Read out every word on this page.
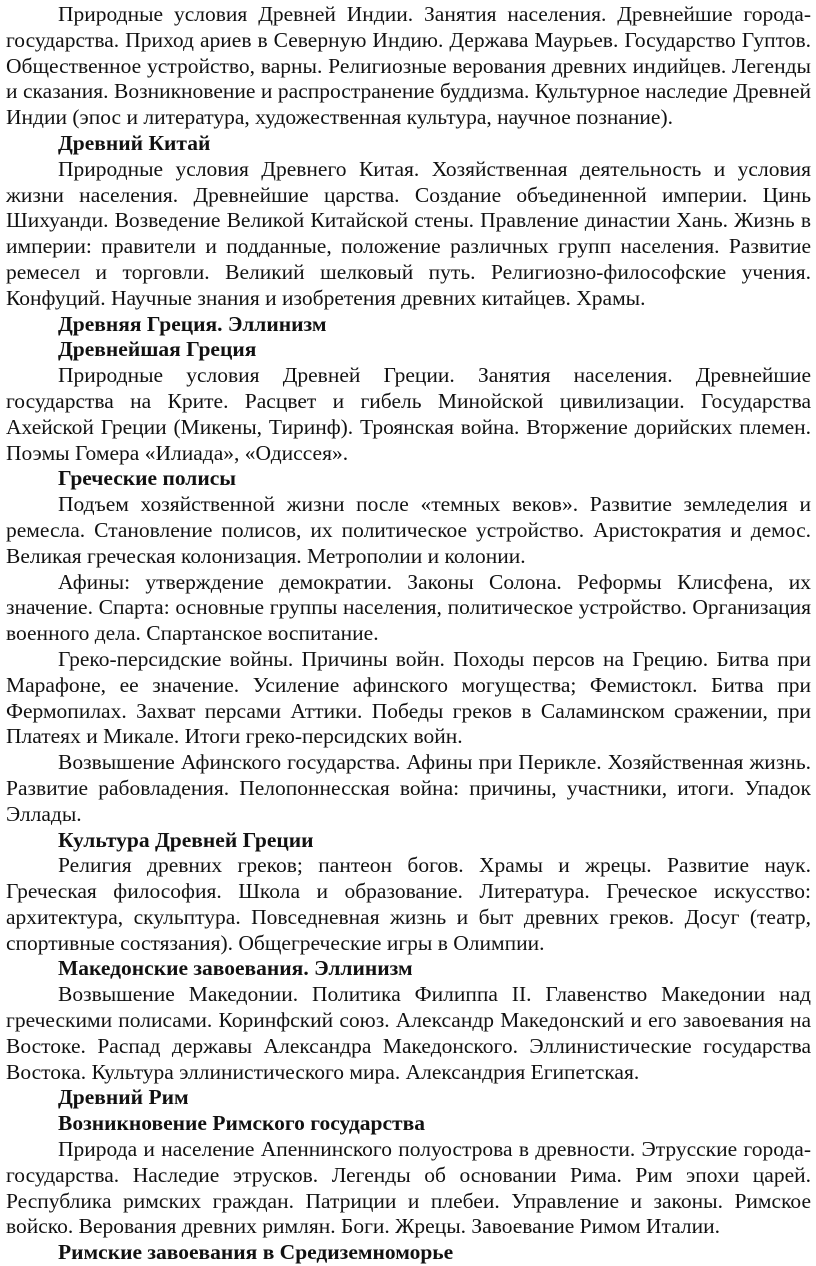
Природные условия Древней Индии. Занятия населения. Древнейшие города-государства. Приход ариев в Северную Индию. Держава Маурьев. Государство Гуптов. Общественное устройство, варны. Религиозные верования древних индийцев. Легенды и сказания. Возникновение и распространение буддизма. Культурное наследие Древней Индии (эпос и литература, художественная культура, научное познание).

Древний Китай

Природные условия Древнего Китая. Хозяйственная деятельность и условия жизни населения. Древнейшие царства. Создание объединенной империи. Цинь Шихуанди. Возведение Великой Китайской стены. Правление династии Хань. Жизнь в империи: правители и подданные, положение различных групп населения. Развитие ремесел и торговли. Великий шелковый путь. Религиозно-философские учения. Конфуций. Научные знания и изобретения древних китайцев. Храмы.

Древняя Греция. Эллинизм

Древнейшая Греция

Природные условия Древней Греции. Занятия населения. Древнейшие государства на Крите. Расцвет и гибель Минойской цивилизации. Государства Ахейской Греции (Микены, Тиринф). Троянская война. Вторжение дорийских племен. Поэмы Гомера «Илиада», «Одиссея».

Греческие полисы

Подъем хозяйственной жизни после «темных веков». Развитие земледелия и ремесла. Становление полисов, их политическое устройство. Аристократия и демос. Великая греческая колонизация. Метрополии и колонии.

Афины: утверждение демократии. Законы Солона. Реформы Клисфена, их значение. Спарта: основные группы населения, политическое устройство. Организация военного дела. Спартанское воспитание.

Греко-персидские войны. Причины войн. Походы персов на Грецию. Битва при Марафоне, ее значение. Усиление афинского могущества; Фемистокл. Битва при Фермопилах. Захват персами Аттики. Победы греков в Саламинском сражении, при Платеях и Микале. Итоги греко-персидских войн.

Возвышение Афинского государства. Афины при Перикле. Хозяйственная жизнь. Развитие рабовладения. Пелопоннесская война: причины, участники, итоги. Упадок Эллады.

Культура Древней Греции

Религия древних греков; пантеон богов. Храмы и жрецы. Развитие наук. Греческая философия. Школа и образование. Литература. Греческое искусство: архитектура, скульптура. Повседневная жизнь и быт древних греков. Досуг (театр, спортивные состязания). Общегреческие игры в Олимпии.

Македонские завоевания. Эллинизм

Возвышение Македонии. Политика Филиппа II. Главенство Македонии над греческими полисами. Коринфский союз. Александр Македонский и его завоевания на Востоке. Распад державы Александра Македонского. Эллинистические государства Востока. Культура эллинистического мира. Александрия Египетская.

Древний Рим

Возникновение Римского государства

Природа и население Апеннинского полуострова в древности. Этрусские города-государства. Наследие этрусков. Легенды об основании Рима. Рим эпохи царей. Республика римских граждан. Патриции и плебеи. Управление и законы. Римское войско. Верования древних римлян. Боги. Жрецы. Завоевание Римом Италии.

Римские завоевания в Средиземноморье
